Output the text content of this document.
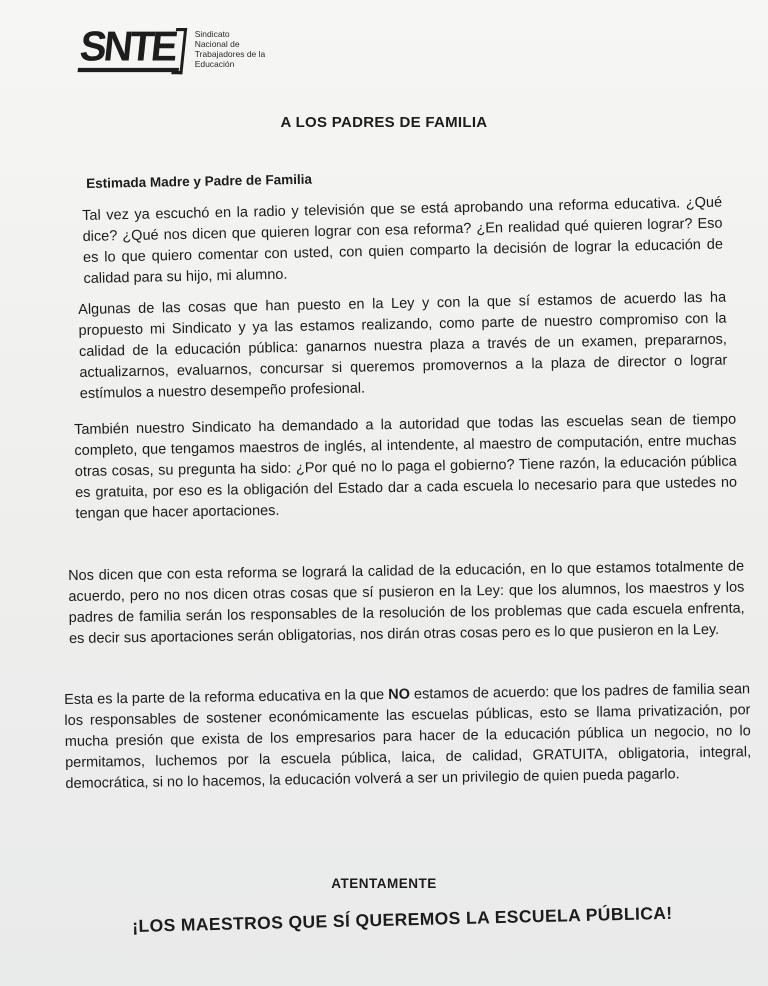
SNTE	Sindicato
Nacional de
Trabajadores de la
Educación
A LOS PADRES DE FAMILIA
Estimada Madre y Padre de Familia
Tal vez ya escuchó en la radio y televisión que se está aprobando una reforma educativa. ¿Qué dice? ¿Qué nos dicen que quieren lograr con esa reforma? ¿En realidad qué quieren lograr? Eso es lo que quiero comentar con usted, con quien comparto la decisión de lograr la educación de calidad para su hijo, mi alumno.
Algunas de las cosas que han puesto en la Ley y con la que sí estamos de acuerdo las ha propuesto mi Sindicato y ya las estamos realizando, como parte de nuestro compromiso con la calidad de la educación pública: ganarnos nuestra plaza a través de un examen, prepararnos, actualizarnos, evaluarnos, concursar si queremos promovernos a la plaza de director o lograr estímulos a nuestro desempeño profesional.
También nuestro Sindicato ha demandado a la autoridad que todas las escuelas sean de tiempo completo, que tengamos maestros de inglés, al intendente, al maestro de computación, entre muchas otras cosas, su pregunta ha sido: ¿Por qué no lo paga el gobierno? Tiene razón, la educación pública es gratuita, por eso es la obligación del Estado dar a cada escuela lo necesario para que ustedes no tengan que hacer aportaciones.
Nos dicen que con esta reforma se logrará la calidad de la educación, en lo que estamos totalmente de acuerdo, pero no nos dicen otras cosas que sí pusieron en la Ley: que los alumnos, los maestros y los padres de familia serán los responsables de la resolución de los problemas que cada escuela enfrenta, es decir sus aportaciones serán obligatorias, nos dirán otras cosas pero es lo que pusieron en la Ley.
Esta es la parte de la reforma educativa en la que NO estamos de acuerdo: que los padres de familia sean los responsables de sostener económicamente las escuelas públicas, esto se llama privatización, por mucha presión que exista de los empresarios para hacer de la educación pública un negocio, no lo permitamos, luchemos por la escuela pública, laica, de calidad, GRATUITA, obligatoria, integral, democrática, si no lo hacemos, la educación volverá a ser un privilegio de quien pueda pagarlo.
ATENTAMENTE
¡LOS MAESTROS QUE SÍ QUEREMOS LA ESCUELA PÚBLICA!
